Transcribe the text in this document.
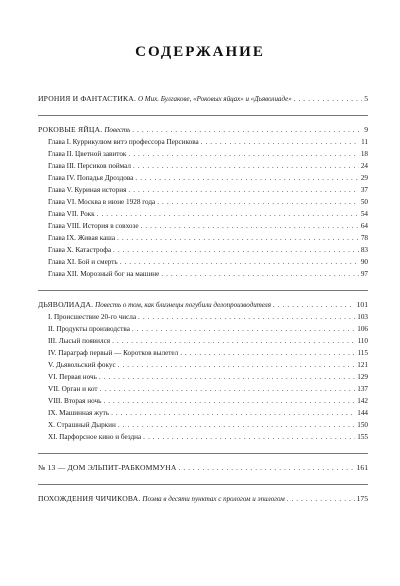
СОДЕРЖАНИЕ
ИРОНИЯ И ФАНТАСТИКА. О Мих. Булгакове, «Роковых яйцах» и «Дьяволиаде» . . .	5
РОКОВЫЕ ЯЙЦА. Повесть . . .	9
Глава I. Куррикулюм витэ профессора Персикова . . .	11
Глава II. Цветной завиток . . .	18
Глава III. Персиков поймал . . .	24
Глава IV. Попадья Дроздова . . .	29
Глава V. Куриная история . . .	37
Глава VI. Москва в июне 1928 года . . .	50
Глава VII. Рокк . . .	54
Глава VIII. История в совхозе . . .	64
Глава IX. Живая каша . . .	78
Глава X. Катастрофа . . .	83
Глава XI. Бой и смерть . . .	90
Глава XII. Морозный бог на машине . . .	97
ДЬЯВОЛИАДА. Повесть о том, как близнецы погубили делопроизводителя . . .	101
I. Происшествие 20-го числа . . .	103
II. Продукты производства . . .	106
III. Лысый появился . . .	110
IV. Параграф первый — Коротков вылетел . . .	115
V. Дьявольский фокус . . .	121
VI. Первая ночь . . .	129
VII. Орган и кот . . .	137
VIII. Вторая ночь . . .	142
IX. Машинная жуть . . .	144
X. Страшный Дыркин . . .	150
XI. Парфорсное кино и бездна . . .	155
№ 13 — ДОМ ЭЛЬПИТ-РАБКОММУНА . . .	161
ПОХОЖДЕНИЯ ЧИЧИКОВА. Поэма в десяти пунктах с прологом и эпилогом . . .	175
